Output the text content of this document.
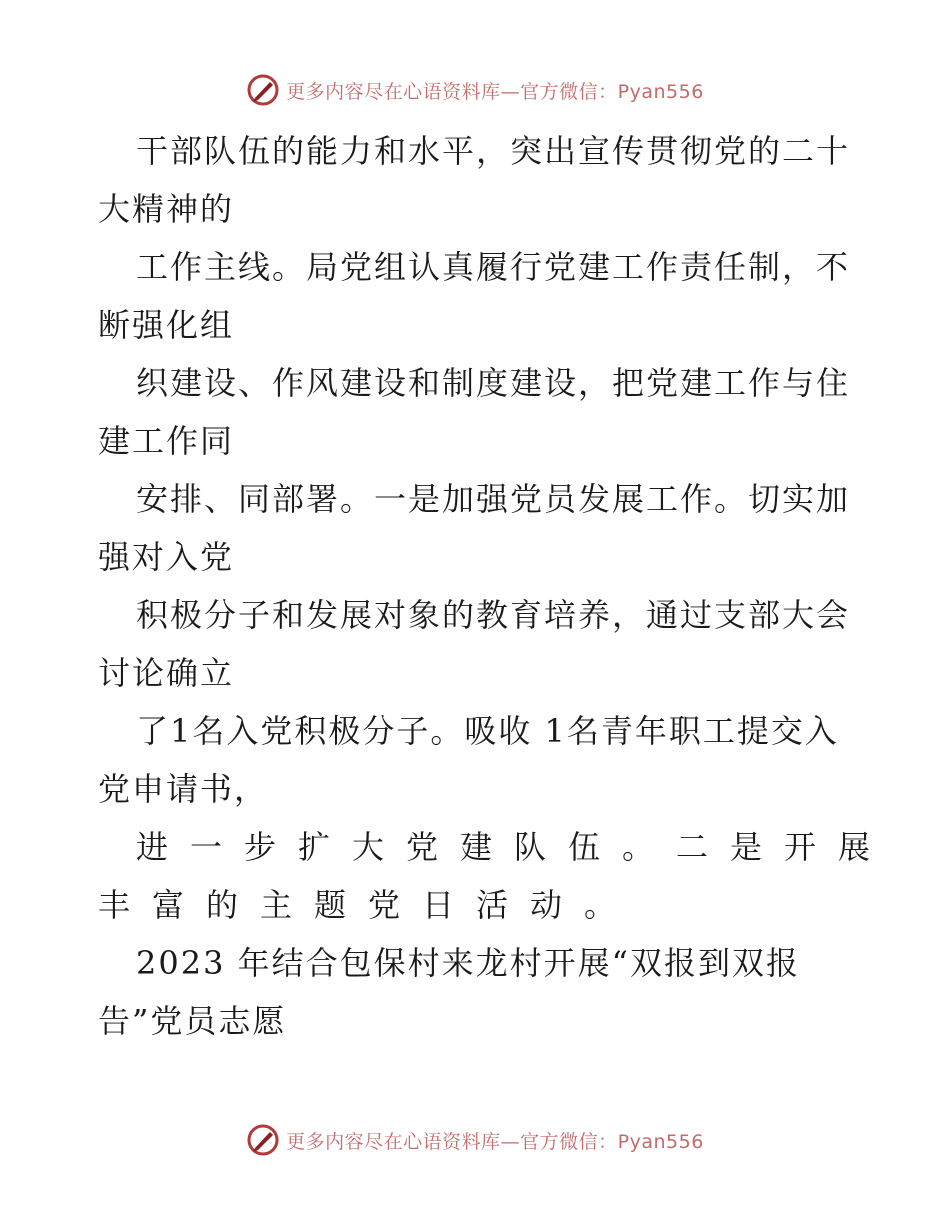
更多内容尽在心语资料库—官方微信：Pyan556
干部队伍的能力和水平，突出宣传贯彻党的二十
大精神的
工作主线。局党组认真履行党建工作责任制，不
断强化组
织建设、作风建设和制度建设，把党建工作与住
建工作同
安排、同部署。一是加强党员发展工作。切实加
强对入党
积极分子和发展对象的教育培养，通过支部大会
讨论确立
了1名入党积极分子。吸收 1名青年职工提交入
党申请书，
进一步扩大党建队伍。二是开展
丰富的主题党日活动。
2023 年结合包保村来龙村开展“双报到双报
告”党员志愿
更多内容尽在心语资料库—官方微信：Pyan556
